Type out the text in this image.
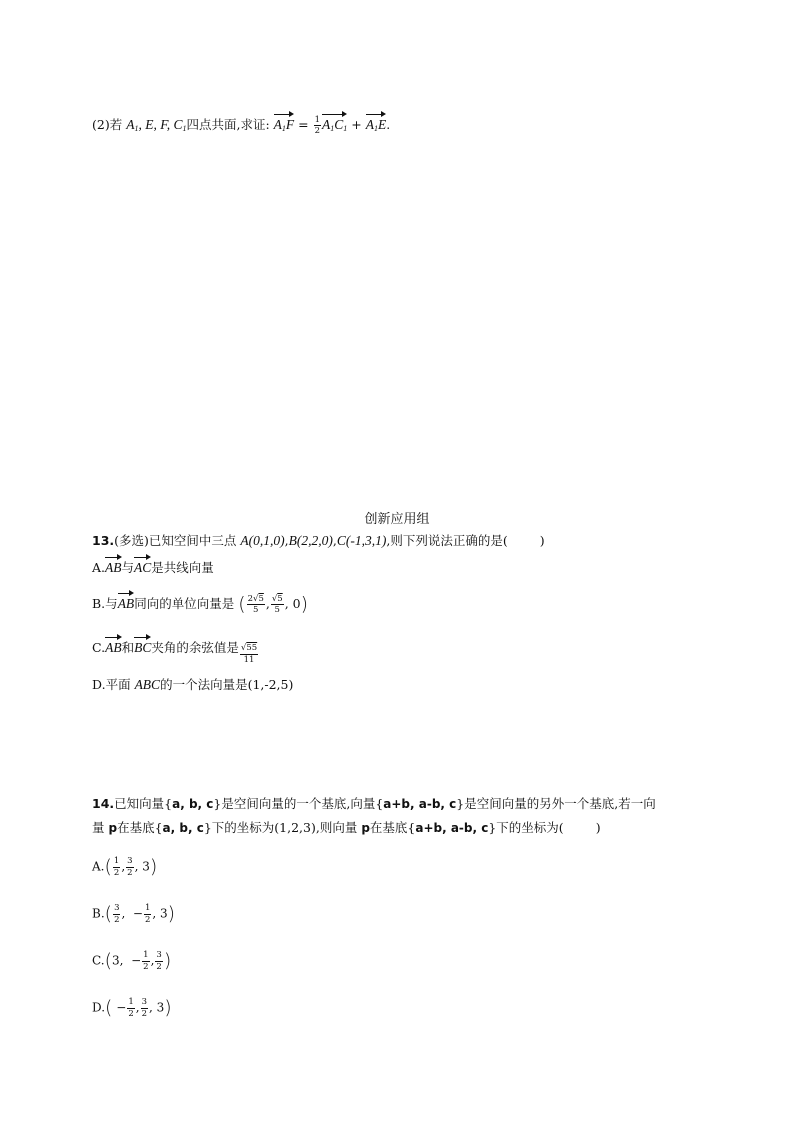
(2)若 $A_1$, E, F, $C_1$四点共面,求证: $A_1F = \frac{1}{2} A_1C_1 + A_1E$.
创新应用组
13.(多选)已知空间中三点 A(0,1,0),B(2,2,0),C(-1,3,1),则下列说法正确的是(	)
A.AB与AC是共线向量
B.与AB同向的单位向量是 ( $\frac{2√5}{5}$ , $\frac{√5}{5}$ , 0)
C.AB和BC夹角的余弦值是 $\frac{√55}{11}$
D.平面 ABC的一个法向量是(1,-2,5)
14.已知向量{a, b, c}是空间向量的一个基底,向量{a+b, a-b, c}是空间向量的另外一个基底,若一向
量 p在基底{a, b, c}下的坐标为(1,2,3),则向量 p在基底{a+b, a-b, c}下的坐标为(	)
$A.( \frac{1}{2}$ , $\frac{3}{2}$ , 3)
$B.( \frac{3}{2}$ ,  − $\frac{1}{2}$ , 3)
C.(3,  − $\frac{1}{2}$ , $\frac{3}{2}$ )
$D.( - \frac{1}{2}$ , $\frac{3}{2}$ , 3)
